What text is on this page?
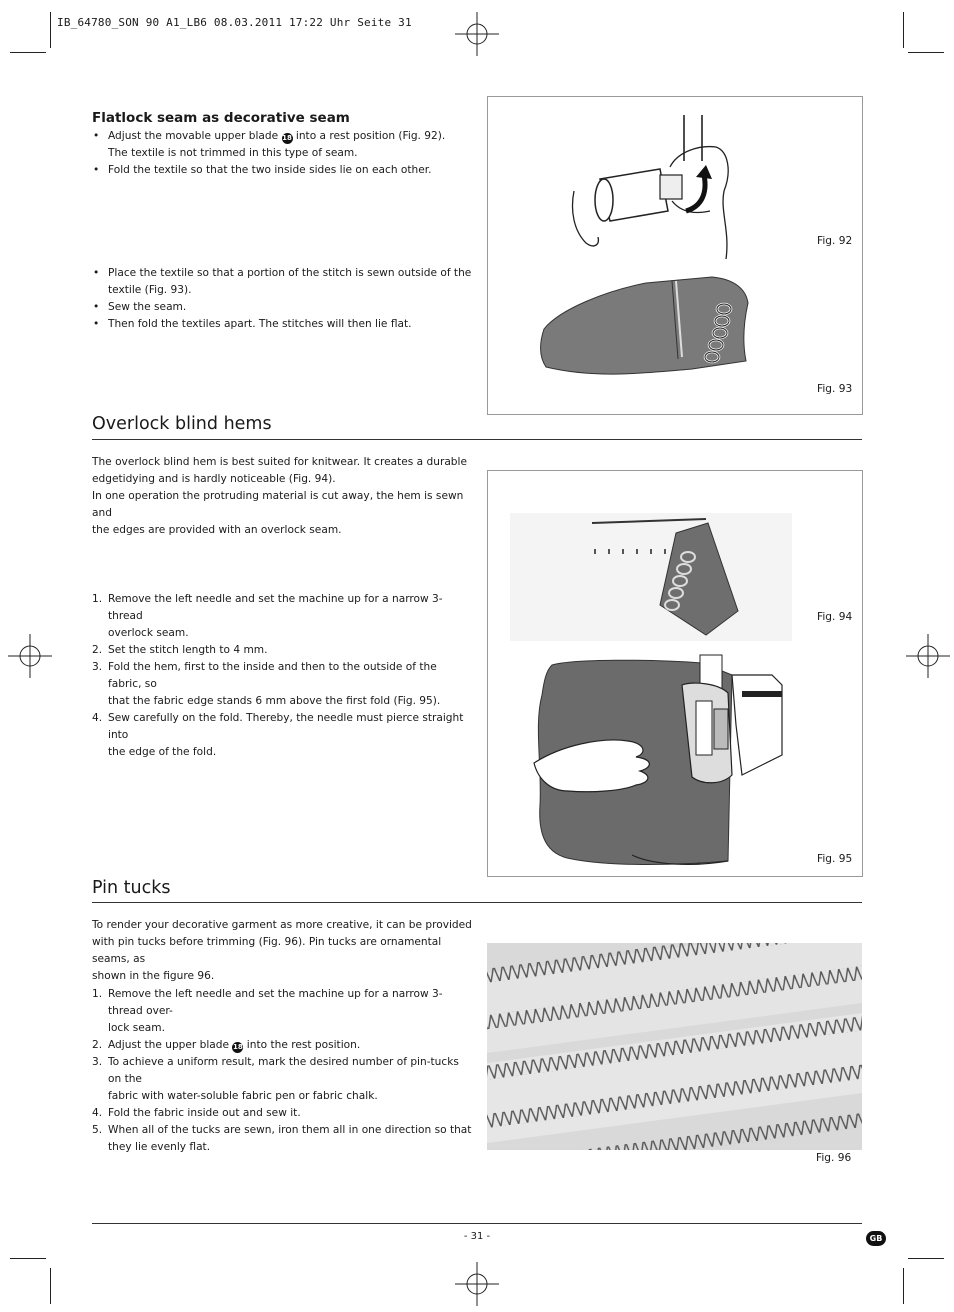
IB_64780_SON 90 A1_LB6 08.03.2011 17:22 Uhr Seite 31
Flatlock seam as decorative seam
• Adjust the movable upper blade 18 into a rest position (Fig. 92).
The textile is not trimmed in this type of seam.
• Fold the textile so that the two inside sides lie on each other.
• Place the textile so that a portion of the stitch is sewn outside of the
textile (Fig. 93).
• Sew the seam.
• Then fold the textiles apart. The stitches will then lie flat.
Fig. 92
Fig. 93
Overlock blind hems
The overlock blind hem is best suited for knitwear. It creates a durable
edgetidying and is hardly noticeable (Fig. 94).
In one operation the protruding material is cut away, the hem is sewn and
the edges are provided with an overlock seam.
1. Remove the left needle and set the machine up for a narrow 3-thread
overlock seam.
2. Set the stitch length to 4 mm.
3. Fold the hem, first to the inside and then to the outside of the fabric, so
that the fabric edge stands 6 mm above the first fold (Fig. 95).
4. Sew carefully on the fold. Thereby, the needle must pierce straight into
the edge of the fold.
Fig. 94
Fig. 95
Pin tucks
To render your decorative garment as more creative, it can be provided
with pin tucks before trimming (Fig. 96). Pin tucks are ornamental seams, as
shown in the figure 96.
1. Remove the left needle and set the machine up for a narrow 3-thread over-
lock seam.
2. Adjust the upper blade 18 into the rest position.
3. To achieve a uniform result, mark the desired number of pin-tucks on the
fabric with water-soluble fabric pen or fabric chalk.
4. Fold the fabric inside out and sew it.
5. When all of the tucks are sewn, iron them all in one direction so that
they lie evenly flat.
Fig. 96
- 31 -	GB
